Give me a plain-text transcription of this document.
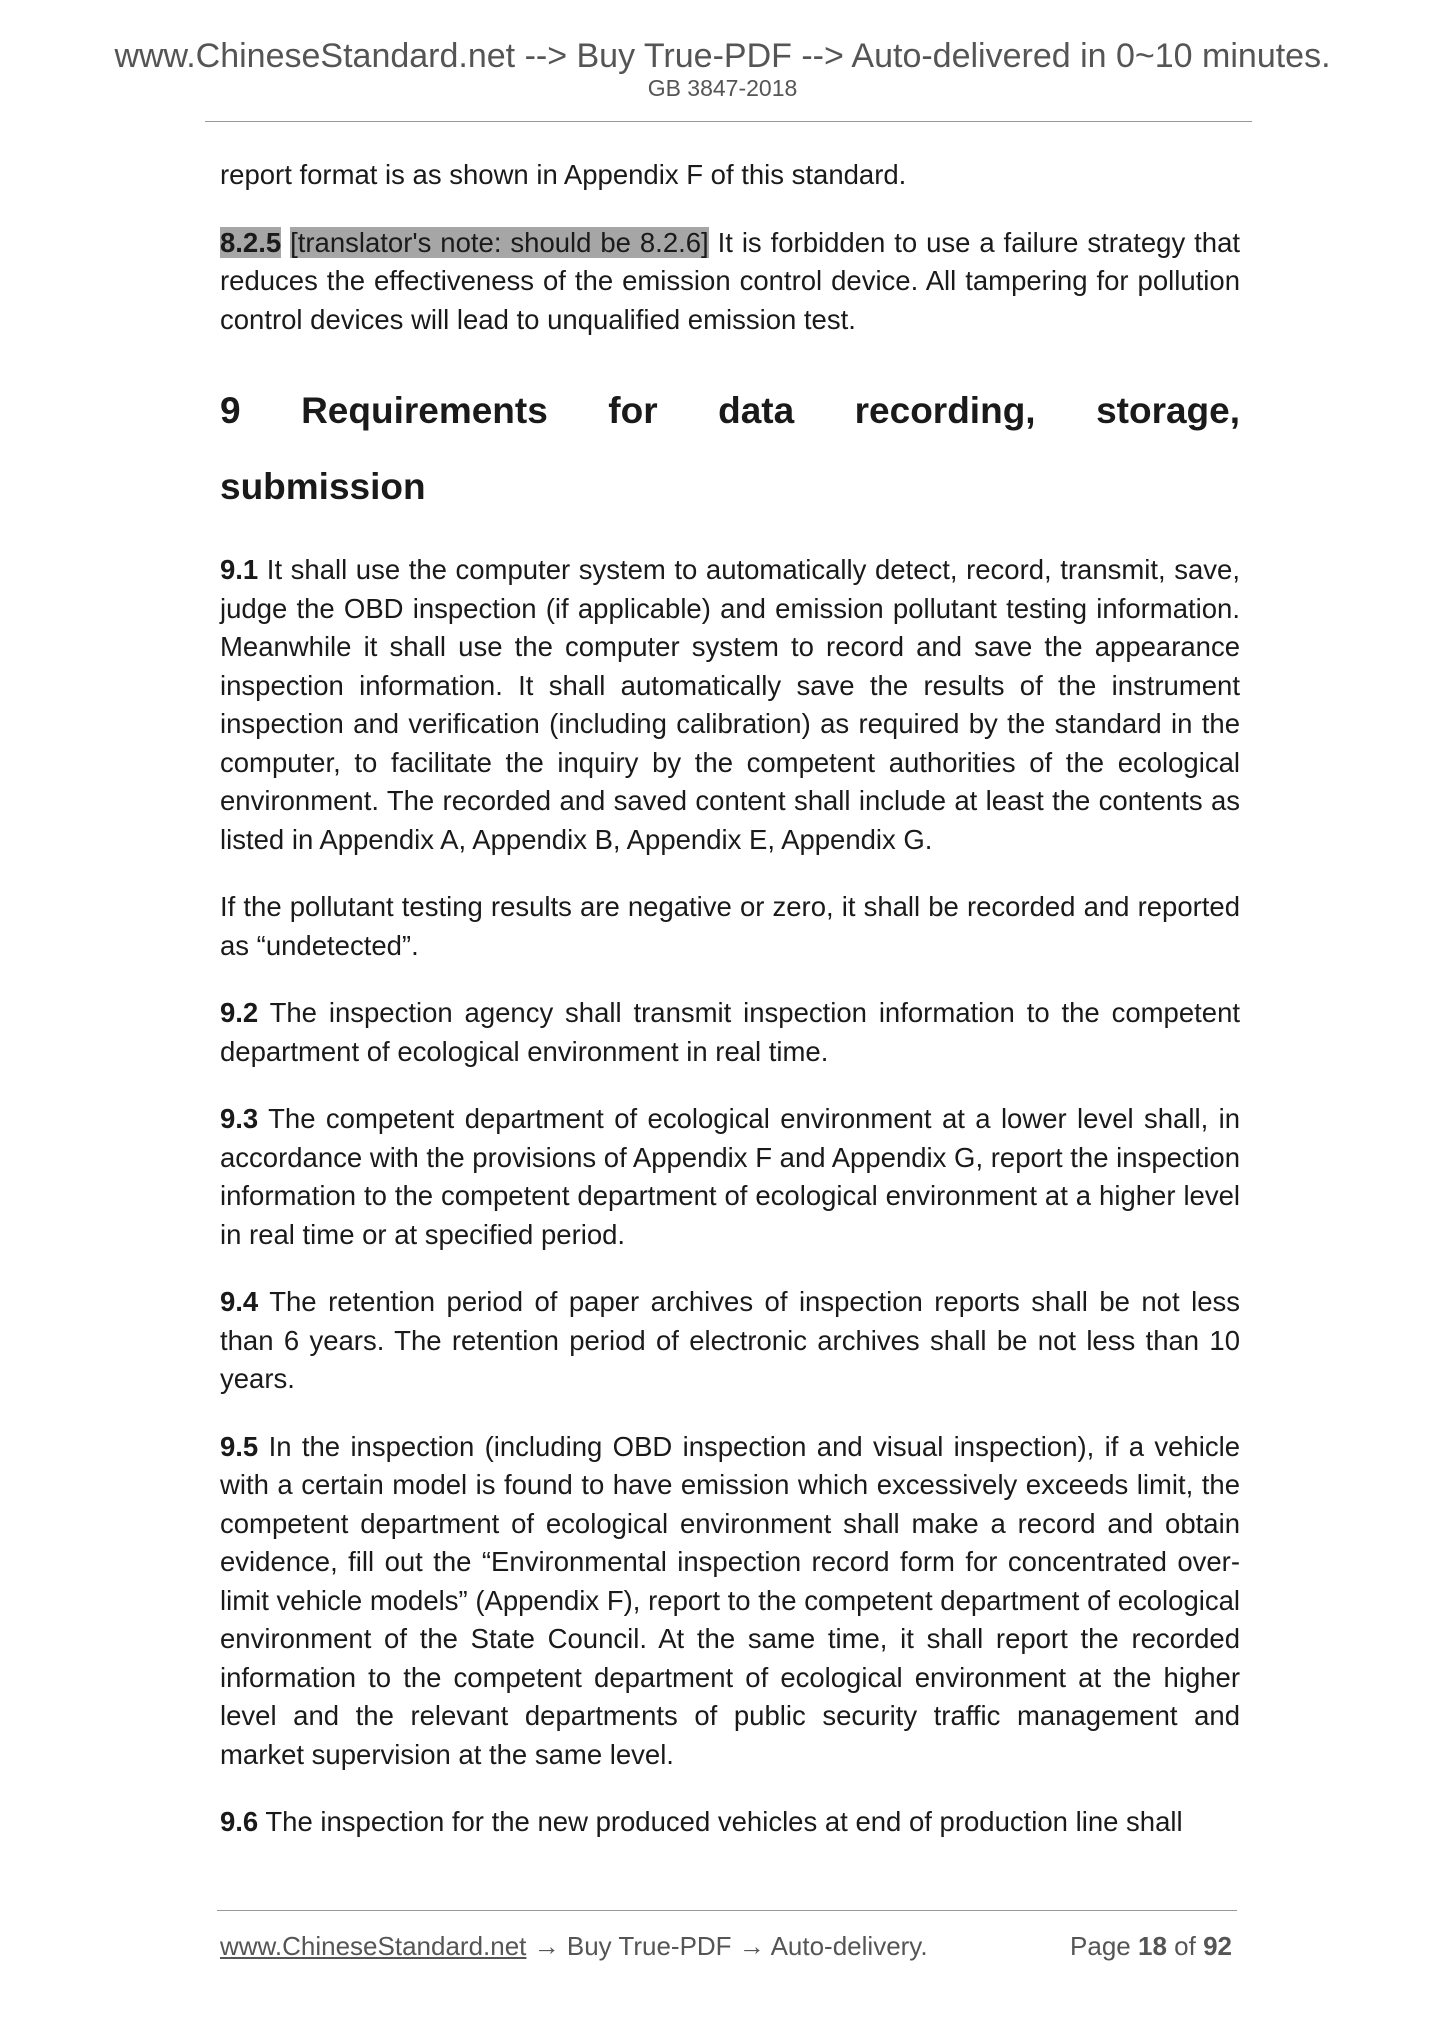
www.ChineseStandard.net --> Buy True-PDF --> Auto-delivered in 0~10 minutes.
GB 3847-2018

report format is as shown in Appendix F of this standard.

8.2.5 [translator's note: should be 8.2.6] It is forbidden to use a failure strategy that reduces the effectiveness of the emission control device. All tampering for pollution control devices will lead to unqualified emission test.

9 Requirements for data recording, storage,
submission

9.1 It shall use the computer system to automatically detect, record, transmit, save, judge the OBD inspection (if applicable) and emission pollutant testing information. Meanwhile it shall use the computer system to record and save the appearance inspection information. It shall automatically save the results of the instrument inspection and verification (including calibration) as required by the standard in the computer, to facilitate the inquiry by the competent authorities of the ecological environment. The recorded and saved content shall include at least the contents as listed in Appendix A, Appendix B, Appendix E, Appendix G.

If the pollutant testing results are negative or zero, it shall be recorded and reported as “undetected”.

9.2 The inspection agency shall transmit inspection information to the competent department of ecological environment in real time.

9.3 The competent department of ecological environment at a lower level shall, in accordance with the provisions of Appendix F and Appendix G, report the inspection information to the competent department of ecological environment at a higher level in real time or at specified period.

9.4 The retention period of paper archives of inspection reports shall be not less than 6 years. The retention period of electronic archives shall be not less than 10 years.

9.5 In the inspection (including OBD inspection and visual inspection), if a vehicle with a certain model is found to have emission which excessively exceeds limit, the competent department of ecological environment shall make a record and obtain evidence, fill out the “Environmental inspection record form for concentrated over-limit vehicle models” (Appendix F), report to the competent department of ecological environment of the State Council. At the same time, it shall report the recorded information to the competent department of ecological environment at the higher level and the relevant departments of public security traffic management and market supervision at the same level.

9.6 The inspection for the new produced vehicles at end of production line shall

www.ChineseStandard.net → Buy True-PDF → Auto-delivery.	Page 18 of 92
